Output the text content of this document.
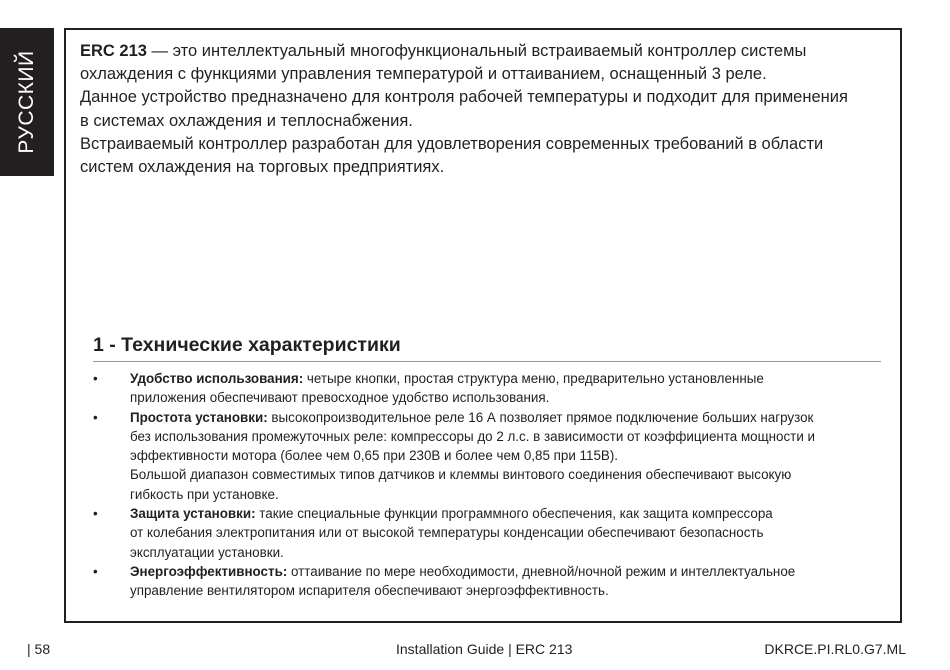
РУССКИЙ	ERC 213 — это интеллектуальный многофункциональный встраиваемый контроллер системы
охлаждения с функциями управления температурой и оттаиванием, оснащенный 3 реле.

Данное устройство предназначено для контроля рабочей температуры и подходит для применения
в системах охлаждения и теплоснабжения.

Встраиваемый контроллер разработан для удовлетворения современных требований в области
систем охлаждения на торговых предприятиях.

1 - Технические характеристики
• Удобство использования: четыре кнопки, простая структура меню, предварительно установленные
приложения обеспечивают превосходное удобство использования.
• Простота установки: высокопроизводительное реле 16 А позволяет прямое подключение больших нагрузок
без использования промежуточных реле: компрессоры до 2 л.с. в зависимости от коэффициента мощности и
эффективности мотора (более чем 0,65 при 230В и более чем 0,85 при 115В).
Большой диапазон совместимых типов датчиков и клеммы винтового соединения обеспечивают высокую
гибкость при установке.
• Защита установки: такие специальные функции программного обеспечения, как защита компрессора
от колебания электропитания или от высокой температуры конденсации обеспечивают безопасность
эксплуатации установки.
• Энергоэффективность: оттаивание по мере необходимости, дневной/ночной режим и интеллектуальное
управление вентилятором испарителя обеспечивают энергоэффективность.
| 58	Installation Guide | ERC 213	DKRCE.PI.RL0.G7.ML
